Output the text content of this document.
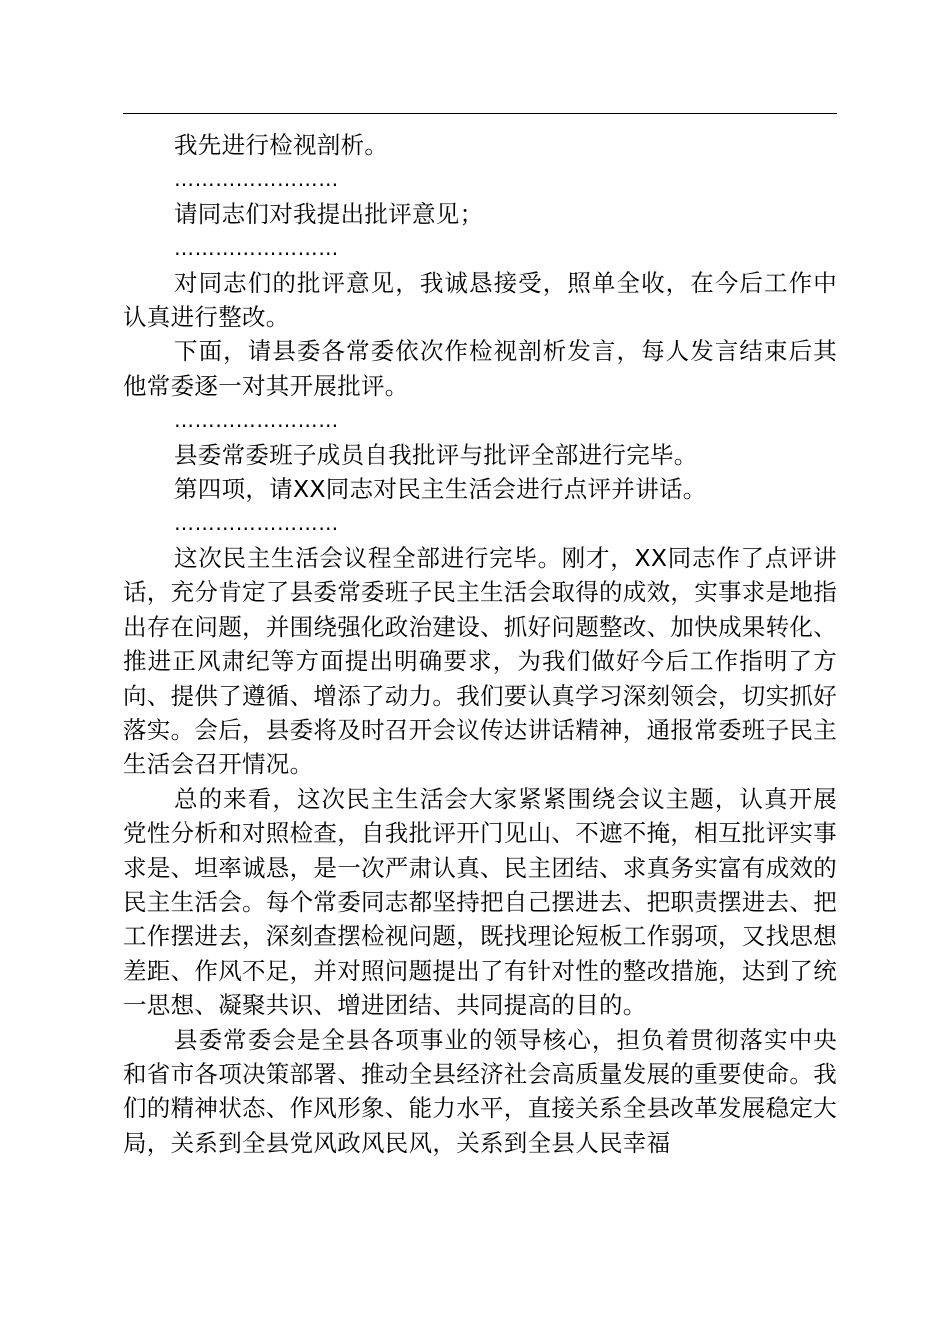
我先进行检视剖析。

……………………

请同志们对我提出批评意见；

……………………

对同志们的批评意见，我诚恳接受，照单全收，在今后工作中认真进行整改。

下面，请县委各常委依次作检视剖析发言，每人发言结束后其他常委逐一对其开展批评。

……………………

县委常委班子成员自我批评与批评全部进行完毕。

第四项，请XX同志对民主生活会进行点评并讲话。

……………………

这次民主生活会议程全部进行完毕。刚才，XX同志作了点评讲话，充分肯定了县委常委班子民主生活会取得的成效，实事求是地指出存在问题，并围绕强化政治建设、抓好问题整改、加快成果转化、推进正风肃纪等方面提出明确要求，为我们做好今后工作指明了方向、提供了遵循、增添了动力。我们要认真学习深刻领会，切实抓好落实。会后，县委将及时召开会议传达讲话精神，通报常委班子民主生活会召开情况。

总的来看，这次民主生活会大家紧紧围绕会议主题，认真开展党性分析和对照检查，自我批评开门见山、不遮不掩，相互批评实事求是、坦率诚恳，是一次严肃认真、民主团结、求真务实富有成效的民主生活会。每个常委同志都坚持把自己摆进去、把职责摆进去、把工作摆进去，深刻查摆检视问题，既找理论短板工作弱项，又找思想差距、作风不足，并对照问题提出了有针对性的整改措施，达到了统一思想、凝聚共识、增进团结、共同提高的目的。

县委常委会是全县各项事业的领导核心，担负着贯彻落实中央和省市各项决策部署、推动全县经济社会高质量发展的重要使命。我们的精神状态、作风形象、能力水平，直接关系全县改革发展稳定大局，关系到全县党风政风民风，关系到全县人民幸福
